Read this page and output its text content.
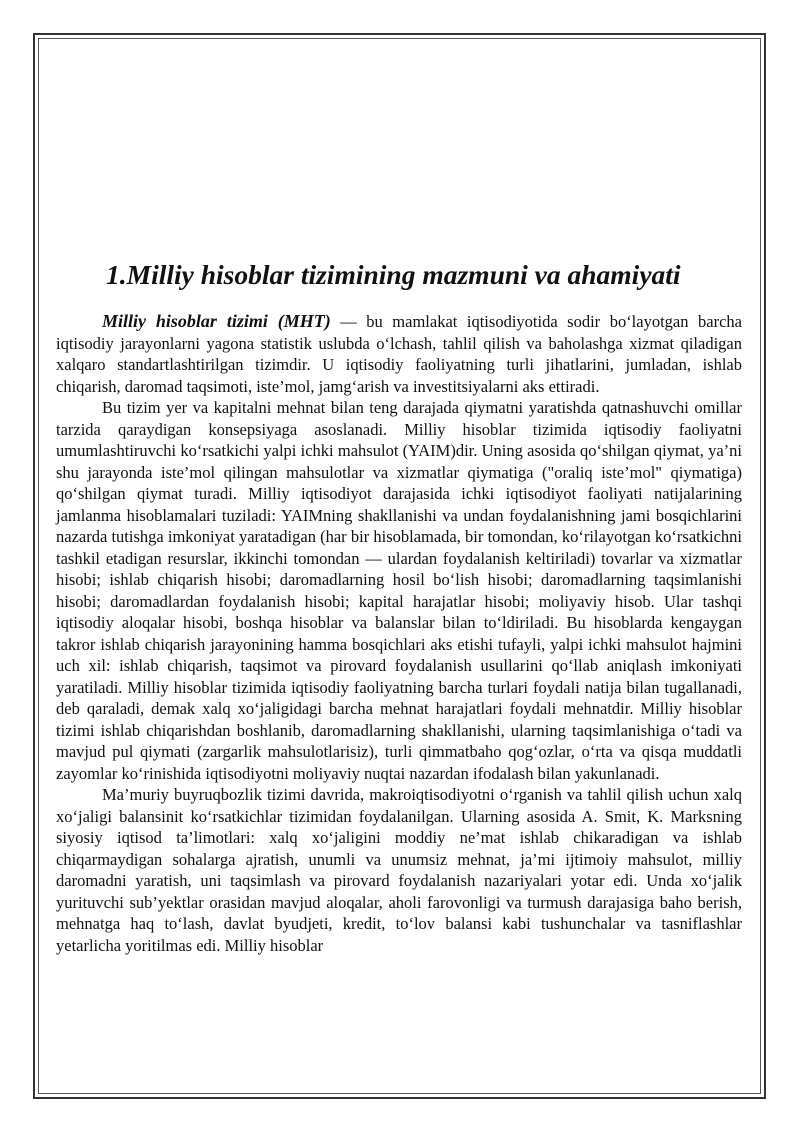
1.Milliy hisoblar tizimining mazmuni va ahamiyati

Milliy hisoblar tizimi (MHT) — bu mamlakat iqtisodiyotida sodir boʻlayotgan barcha iqtisodiy jarayonlarni yagona statistik uslubda oʻlchash, tahlil qilish va baholashga xizmat qiladigan xalqaro standartlashtirilgan tizimdir. U iqtisodiy faoliyatning turli jihatlarini, jumladan, ishlab chiqarish, daromad taqsimoti, iste’mol, jamgʻarish va investitsiyalarni aks ettiradi.

Bu tizim yer va kapitalni mehnat bilan teng darajada qiymatni yaratishda qatnashuvchi omillar tarzida qaraydigan konsepsiyaga asoslanadi. Milliy hisoblar tizimida iqtisodiy faoliyatni umumlashtiruvchi koʻrsatkichi yalpi ichki mahsulot (YAIM)dir. Uning asosida qoʻshilgan qiymat, ya’ni shu jarayonda iste’mol qilingan mahsulotlar va xizmatlar qiymatiga ("oraliq iste’mol" qiymatiga) qoʻshilgan qiymat turadi. Milliy iqtisodiyot darajasida ichki iqtisodiyot faoliyati natijalarining jamlanma hisoblamalari tuziladi: YAIMning shakllanishi va undan foydalanishning jami bosqichlarini nazarda tutishga imkoniyat yaratadigan (har bir hisoblamada, bir tomondan, koʻrilayotgan koʻrsatkichni tashkil etadigan resurslar, ikkinchi tomondan — ulardan foydalanish keltiriladi) tovarlar va xizmatlar hisobi; ishlab chiqarish hisobi; daromadlarning hosil boʻlish hisobi; daromadlarning taqsimlanishi hisobi; daromadlardan foydalanish hisobi; kapital harajatlar hisobi; moliyaviy hisob. Ular tashqi iqtisodiy aloqalar hisobi, boshqa hisoblar va balanslar bilan toʻldiriladi. Bu hisoblarda kengaygan takror ishlab chiqarish jarayonining hamma bosqichlari aks etishi tufayli, yalpi ichki mahsulot hajmini uch xil: ishlab chiqarish, taqsimot va pirovard foydalanish usullarini qoʻllab aniqlash imkoniyati yaratiladi. Milliy hisoblar tizimida iqtisodiy faoliyatning barcha turlari foydali natija bilan tugallanadi, deb qaraladi, demak xalq xoʻjaligidagi barcha mehnat harajatlari foydali mehnatdir. Milliy hisoblar tizimi ishlab chiqarishdan boshlanib, daromadlarning shakllanishi, ularning taqsimlanishiga oʻtadi va mavjud pul qiymati (zargarlik mahsulotlarisiz), turli qimmatbaho qogʻozlar, oʻrta va qisqa muddatli zayomlar koʻrinishida iqtisodiyotni moliyaviy nuqtai nazardan ifodalash bilan yakunlanadi.

Ma’muriy buyruqbozlik tizimi davrida, makroiqtisodiyotni oʻrganish va tahlil qilish uchun xalq xoʻjaligi balansinit koʻrsatkichlar tizimidan foydalanilgan. Ularning asosida A. Smit, K. Marksning siyosiy iqtisod ta’limotlari: xalq xoʻjaligini moddiy ne’mat ishlab chikaradigan va ishlab chiqarmaydigan sohalarga ajratish, unumli va unumsiz mehnat, ja’mi ijtimoiy mahsulot, milliy daromadni yaratish, uni taqsimlash va pirovard foydalanish nazariyalari yotar edi. Unda xoʻjalik yurituvchi sub’yektlar orasidan mavjud aloqalar, aholi farovonligi va turmush darajasiga baho berish, mehnatga haq toʻlash, davlat byudjeti, kredit, toʻlov balansi kabi tushunchalar va tasniflashlar yetarlicha yoritilmas edi. Milliy hisoblar
